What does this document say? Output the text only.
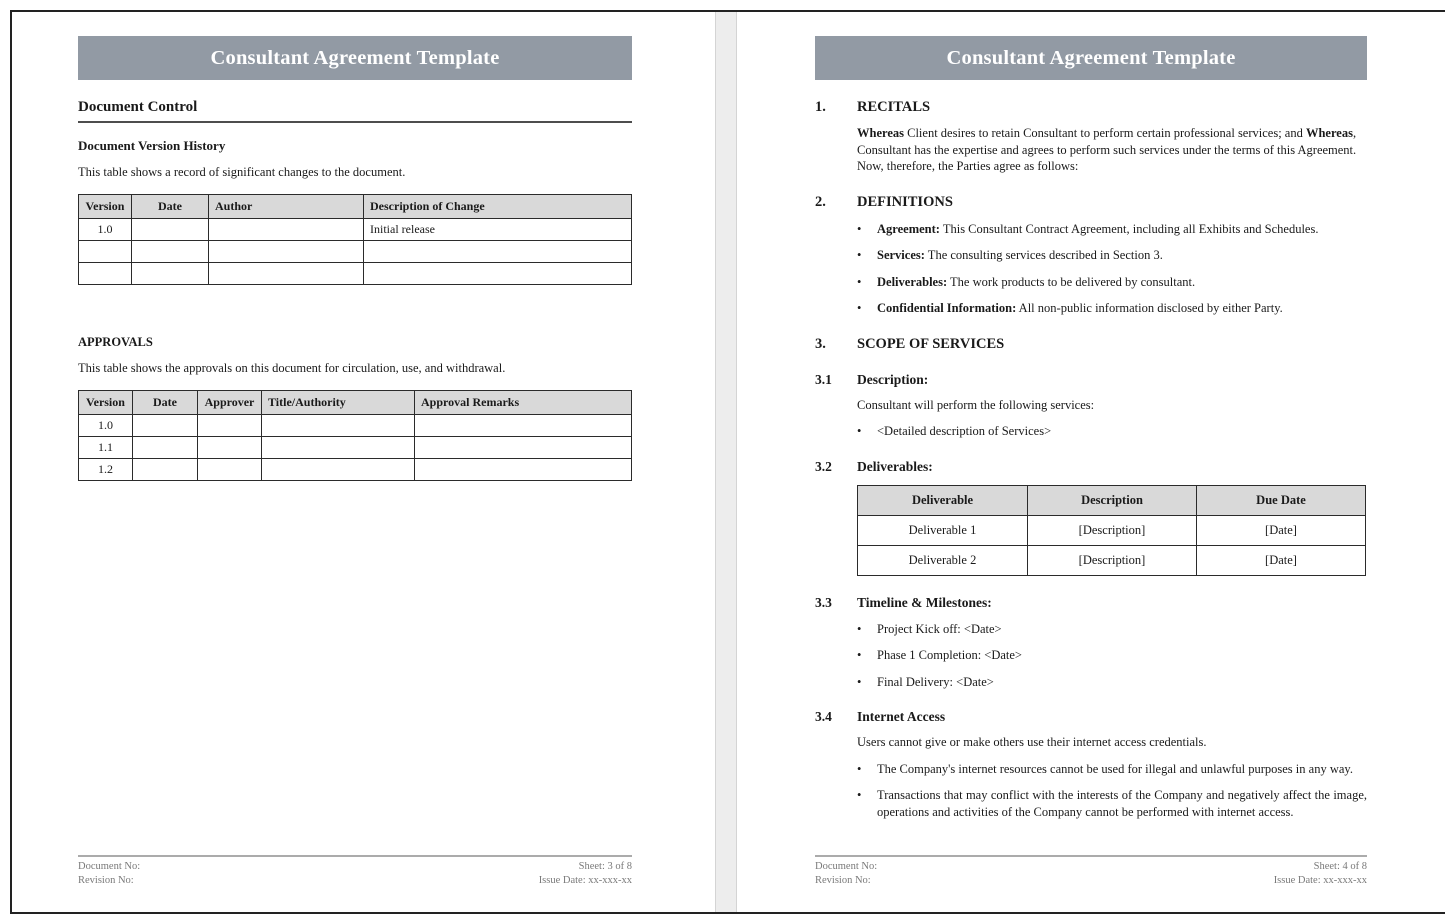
Consultant Agreement Template
Document Control
Document Version History
This table shows a record of significant changes to the document.
Version	Date	Author	Description of Change
1.0			Initial release

APPROVALS
This table shows the approvals on this document for circulation, use, and withdrawal.
Version	Date	Approver	Title/Authority	Approval Remarks
1.0				
1.1				
1.2				
Document No:
Revision No:
Sheet: 3 of 8
Issue Date: xx-xxx-xx
Consultant Agreement Template
1.	RECITALS
Whereas Client desires to retain Consultant to perform certain professional services; and Whereas, Consultant has the expertise and agrees to perform such services under the terms of this Agreement.
Now, therefore, the Parties agree as follows:
2.	DEFINITIONS
•
Agreement: This Consultant Contract Agreement, including all Exhibits and Schedules.
•
Services: The consulting services described in Section 3.
•
Deliverables: The work products to be delivered by consultant.
•
Confidential Information: All non-public information disclosed by either Party.
3.	SCOPE OF SERVICES
3.1	Description:
Consultant will perform the following services:
•
<Detailed description of Services>
3.2	Deliverables:
Deliverable	Description	Due Date
Deliverable 1	[Description]	[Date]
Deliverable 2	[Description]	[Date]
3.3	Timeline & Milestones:
•
Project Kick off: <Date>
•
Phase 1 Completion: <Date>
•
Final Delivery: <Date>
3.4	Internet Access
Users cannot give or make others use their internet access credentials.
•
The Company's internet resources cannot be used for illegal and unlawful purposes in any way.
•
Transactions that may conflict with the interests of the Company and negatively affect the image, operations and activities of the Company cannot be performed with internet access.
Document No:
Revision No:
Sheet: 4 of 8
Issue Date: xx-xxx-xx
